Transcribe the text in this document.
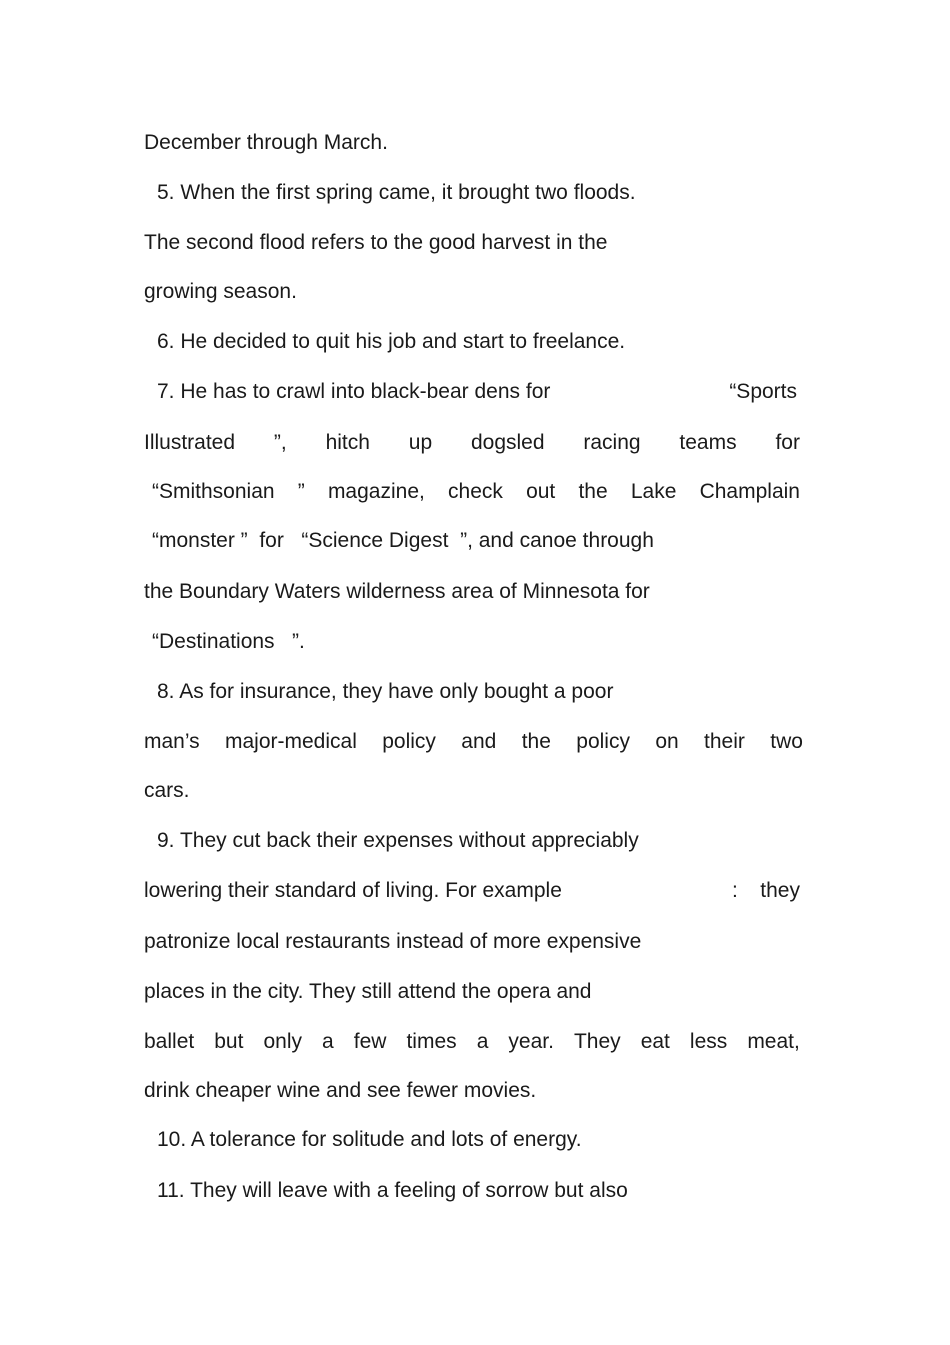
December through March.
5. When the first spring came, it brought two floods.
The second flood refers to the good harvest in the
growing season.
6. He decided to quit his job and start to freelance.
7. He has to crawl into black-bear dens for	“Sports
Illustrated ”, hitch up dogsled racing teams for
“Smithsonian ” magazine, check out the Lake Champlain
“monster ”  for   “Science Digest  ”, and canoe through
the Boundary Waters wilderness area of Minnesota for
“Destinations   ”.
8. As for insurance, they have only bought a poor
man’s major-medical policy and the policy on their two
cars.
9. They cut back their expenses without appreciably
lowering their standard of living. For example	: they
patronize local restaurants instead of more expensive
places in the city. They still attend the opera and
ballet but only a few times a year. They eat less meat,
drink cheaper wine and see fewer movies.
10. A tolerance for solitude and lots of energy.
11. They will leave with a feeling of sorrow but also
